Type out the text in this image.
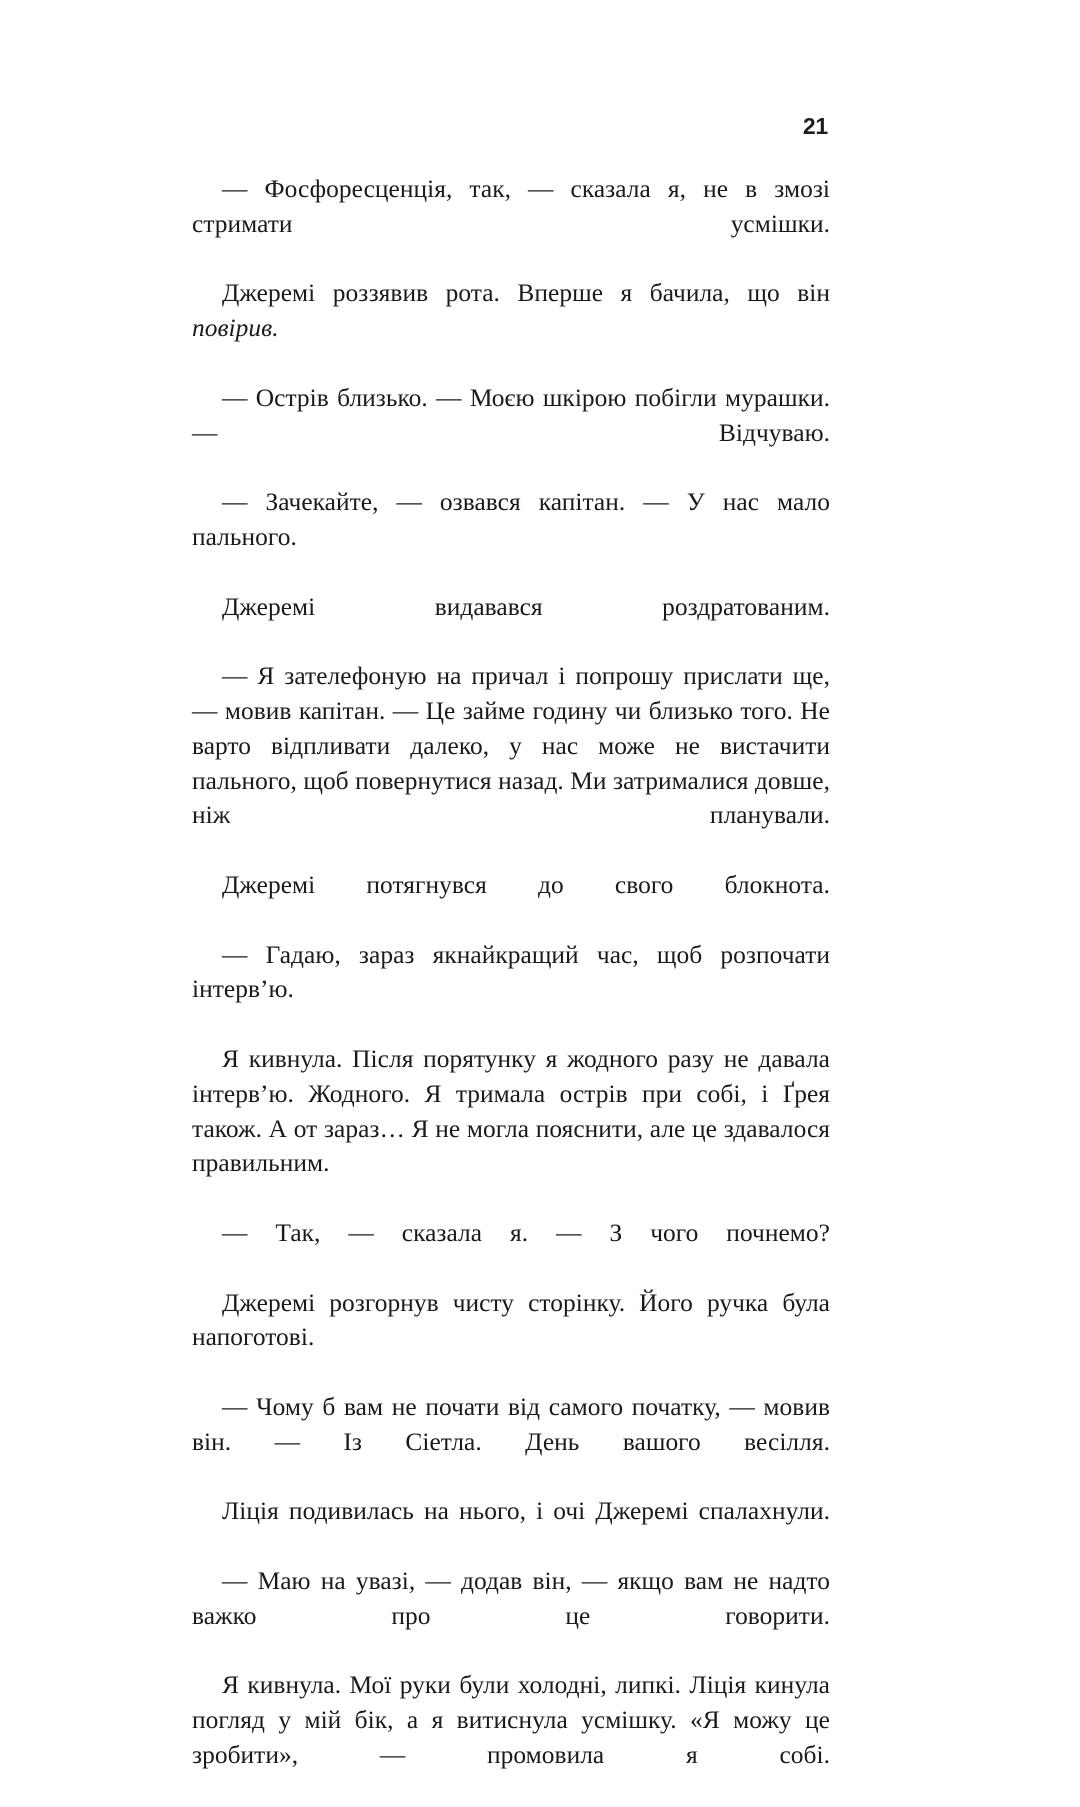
21

— Фосфоресценція, так, — сказала я, не в змозі стримати усмішки.

Джеремі роззявив рота. Вперше я бачила, що він повірив.

— Острів близько. — Моєю шкірою побігли мурашки. — Відчуваю.

— Зачекайте, — озвався капітан. — У нас мало пального.

Джеремі видавався роздратованим.

— Я зателефоную на причал і попрошу прислати ще, — мовив капітан. — Це займе годину чи близько того. Не варто відпливати далеко, у нас може не вистачити пального, щоб повернутися назад. Ми затрималися довше, ніж планували.

Джеремі потягнувся до свого блокнота.

— Гадаю, зараз якнайкращий час, щоб розпочати інтерв’ю.

Я кивнула. Після порятунку я жодного разу не давала інтерв’ю. Жодного. Я тримала острів при собі, і Ґрея також. А от зараз… Я не могла пояснити, але це здавалося правильним.

— Так, — сказала я. — З чого почнемо?

Джеремі розгорнув чисту сторінку. Його ручка була напоготові.

— Чому б вам не почати від самого початку, — мовив він. — Із Сіетла. День вашого весілля.

Ліція подивилась на нього, і очі Джеремі спалахнули.

— Маю на увазі, — додав він, — якщо вам не надто важко про це говорити.

Я кивнула. Мої руки були холодні, липкі. Ліція кинула погляд у мій бік, а я витиснула усмішку. «Я можу це зробити», — промовила я собі.
